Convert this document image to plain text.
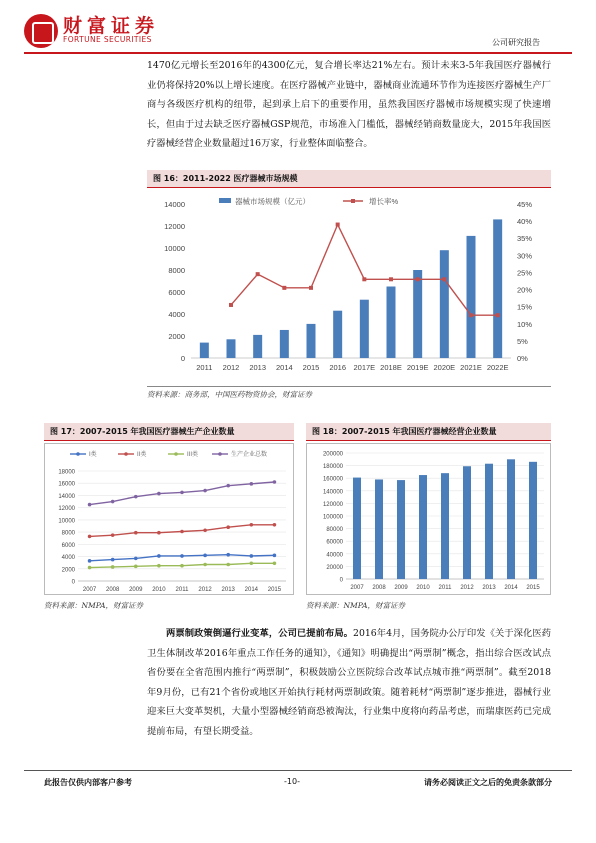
财富证券
FORTUNE SECURITIES	公司研究报告

1470亿元增长至2016年的4300亿元，复合增长率达21%左右。预计未来3-5年我国医疗器械行业仍将保持20%以上增长速度。在医疗器械产业链中，器械商业流通环节作为连接医疗器械生产厂商与各级医疗机构的纽带，起到承上启下的重要作用，虽然我国医疗器械市场规模实现了快速增长，但由于过去缺乏医疗器械GSP规范，市场准入门槛低，器械经销商数量庞大，2015年我国医疗器械经营企业数量超过16万家，行业整体面临整合。

图 16：2011-2022 医疗器械市场规模
0
2000
4000
6000
8000
10000
12000
14000
0%
5%
10%
15%
20%
25%
30%
35%
40%
45%
2011 2012 2013 2014 2015 2016 2017E 2018E 2019E 2020E 2021E 2022E
器械市场规模（亿元）	增长率%
资料来源：商务部，中国医药物资协会，财富证券
图 17：2007-2015 年我国医疗器械生产企业数量
0
2000
4000
6000
8000
10000
12000
14000
16000
18000
2007 2008 2009 2010 2011 2012 2013 2014 2015
I类	II类	III类	生产企业总数
资料来源：NMPA，财富证券
图 18：2007-2015 年我国医疗器械经营企业数量
0
20000
40000
60000
80000
100000
120000
140000
160000
180000
200000
2007 2008 2009 2010 2011 2012 2013 2014 2015
资料来源：NMPA，财富证券

两票制政策倒逼行业变革，公司已提前布局。2016年4月，国务院办公厅印发《关于深化医药卫生体制改革2016年重点工作任务的通知》，《通知》明确提出“两票制”概念，指出综合医改试点省份要在全省范围内推行“两票制”，积极鼓励公立医院综合改革试点城市推“两票制”。截至2018年9月份，已有21个省份或地区开始执行耗材两票制政策。随着耗材“两票制”逐步推进，器械行业迎来巨大变革契机，大量小型器械经销商恐被淘汰，行业集中度将向药品考虑，而瑞康医药已完成提前布局，有望长期受益。

此报告仅供内部客户参考	-10-	请务必阅读正文之后的免责条款部分
